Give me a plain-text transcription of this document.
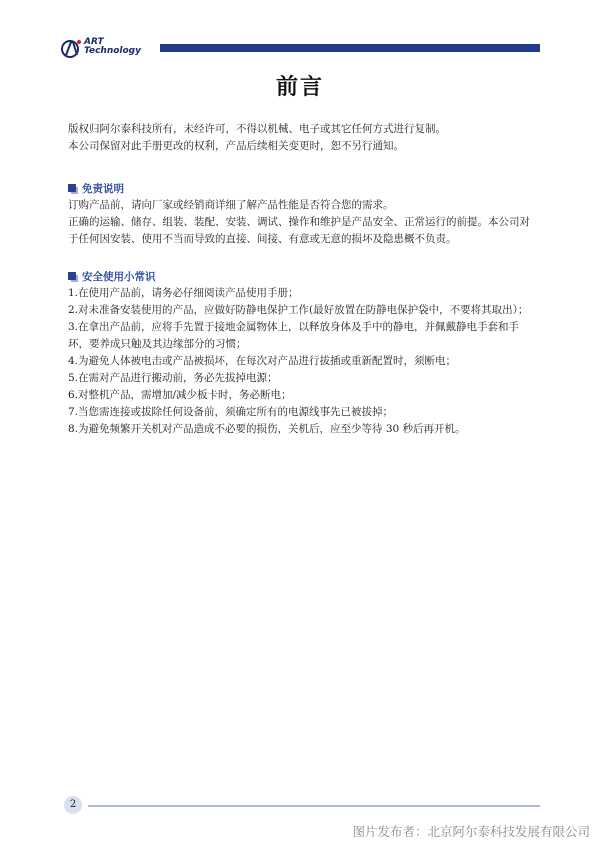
ART
Technology
前言

版权归阿尔泰科技所有，未经许可，不得以机械、电子或其它任何方式进行复制。

本公司保留对此手册更改的权利，产品后续相关变更时，恕不另行通知。

免责说明

订购产品前，请向厂家或经销商详细了解产品性能是否符合您的需求。

正确的运输、储存、组装、装配、安装、调试、操作和维护是产品安全、正常运行的前提。本公司对于任何因安装、使用不当而导致的直接、间接、有意或无意的损坏及隐患概不负责。

安全使用小常识

1.在使用产品前，请务必仔细阅读产品使用手册；

2.对未准备安装使用的产品，应做好防静电保护工作(最好放置在防静电保护袋中，不要将其取出）；

3.在拿出产品前，应将手先置于接地金属物体上，以释放身体及手中的静电，并佩戴静电手套和手环，要养成只触及其边缘部分的习惯；

4.为避免人体被电击或产品被损坏，在每次对产品进行拔插或重新配置时，须断电；

5.在需对产品进行搬动前，务必先拔掉电源；

6.对整机产品，需增加/减少板卡时，务必断电；

7.当您需连接或拔除任何设备前，须确定所有的电源线事先已被拔掉；

8.为避免频繁开关机对产品造成不必要的损伤，关机后，应至少等待 30 秒后再开机。

2
图片发布者：北京阿尔泰科技发展有限公司
